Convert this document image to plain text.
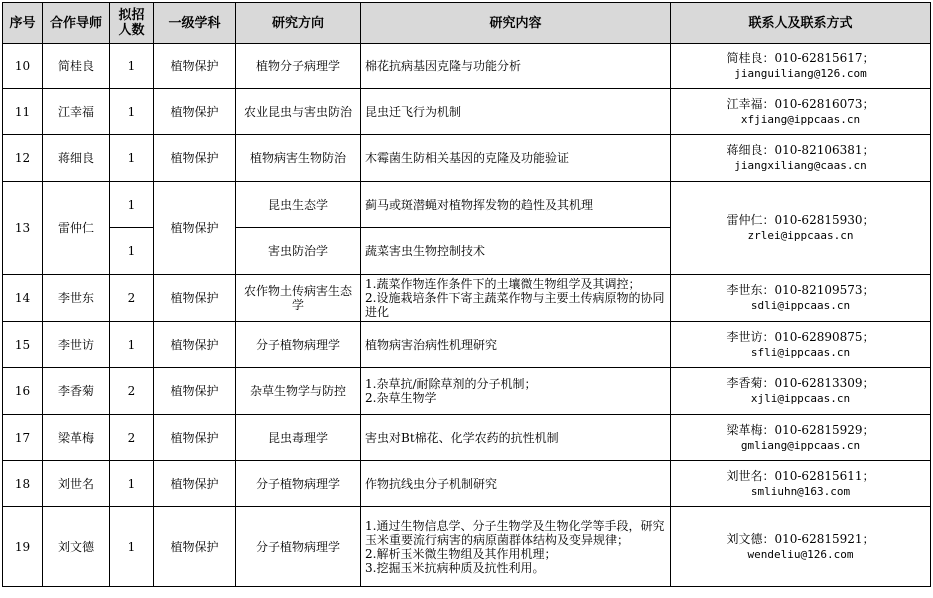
序号	合作导师	拟招人数	一级学科	研究方向	研究内容	联系人及联系方式
10	简桂良	1	植物保护	植物分子病理学	棉花抗病基因克隆与功能分析	简桂良：010-62815617；
jianguiliang@126.com

11	江幸福	1	植物保护	农业昆虫与害虫防治	昆虫迁飞行为机制	江幸福：010-62816073；
xfjiang@ippcaas.cn

12	蒋细良	1	植物保护	植物病害生物防治	木霉菌生防相关基因的克隆及功能验证	蒋细良：010-82106381；
jiangxiliang@caas.cn

13	雷仲仁	1	植物保护	昆虫生态学	蓟马或斑潜蝇对植物挥发物的趋性及其机理	雷仲仁：010-62815930；
zrlei@ippcaas.cn

		1		害虫防治学	蔬菜害虫生物控制技术	

14	李世东	2	植物保护	农作物土传病害生态学	1.蔬菜作物连作条件下的土壤微生物组学及其调控；
2.设施栽培条件下寄主蔬菜作物与主要土传病原物的协同进化	李世东：010-82109573；
sdli@ippcaas.cn

15	李世访	1	植物保护	分子植物病理学	植物病害治病性机理研究	李世访：010-62890875；
sfli@ippcaas.cn

16	李香菊	2	植物保护	杂草生物学与防控	1.杂草抗/耐除草剂的分子机制；
2.杂草生物学	李香菊：010-62813309；
xjli@ippcaas.cn

17	梁革梅	2	植物保护	昆虫毒理学	害虫对Bt棉花、化学农药的抗性机制	梁革梅：010-62815929；
gmliang@ippcaas.cn

18	刘世名	1	植物保护	分子植物病理学	作物抗线虫分子机制研究	刘世名：010-62815611；
smliuhn@163.com

19	刘文德	1	植物保护	分子植物病理学	1.通过生物信息学、分子生物学及生物化学等手段，研究玉米重要流行病害的病原菌群体结构及变异规律；
2.解析玉米微生物组及其作用机理；
3.挖掘玉米抗病种质及抗性利用。	刘文德：010-62815921；
wendeliu@126.com
